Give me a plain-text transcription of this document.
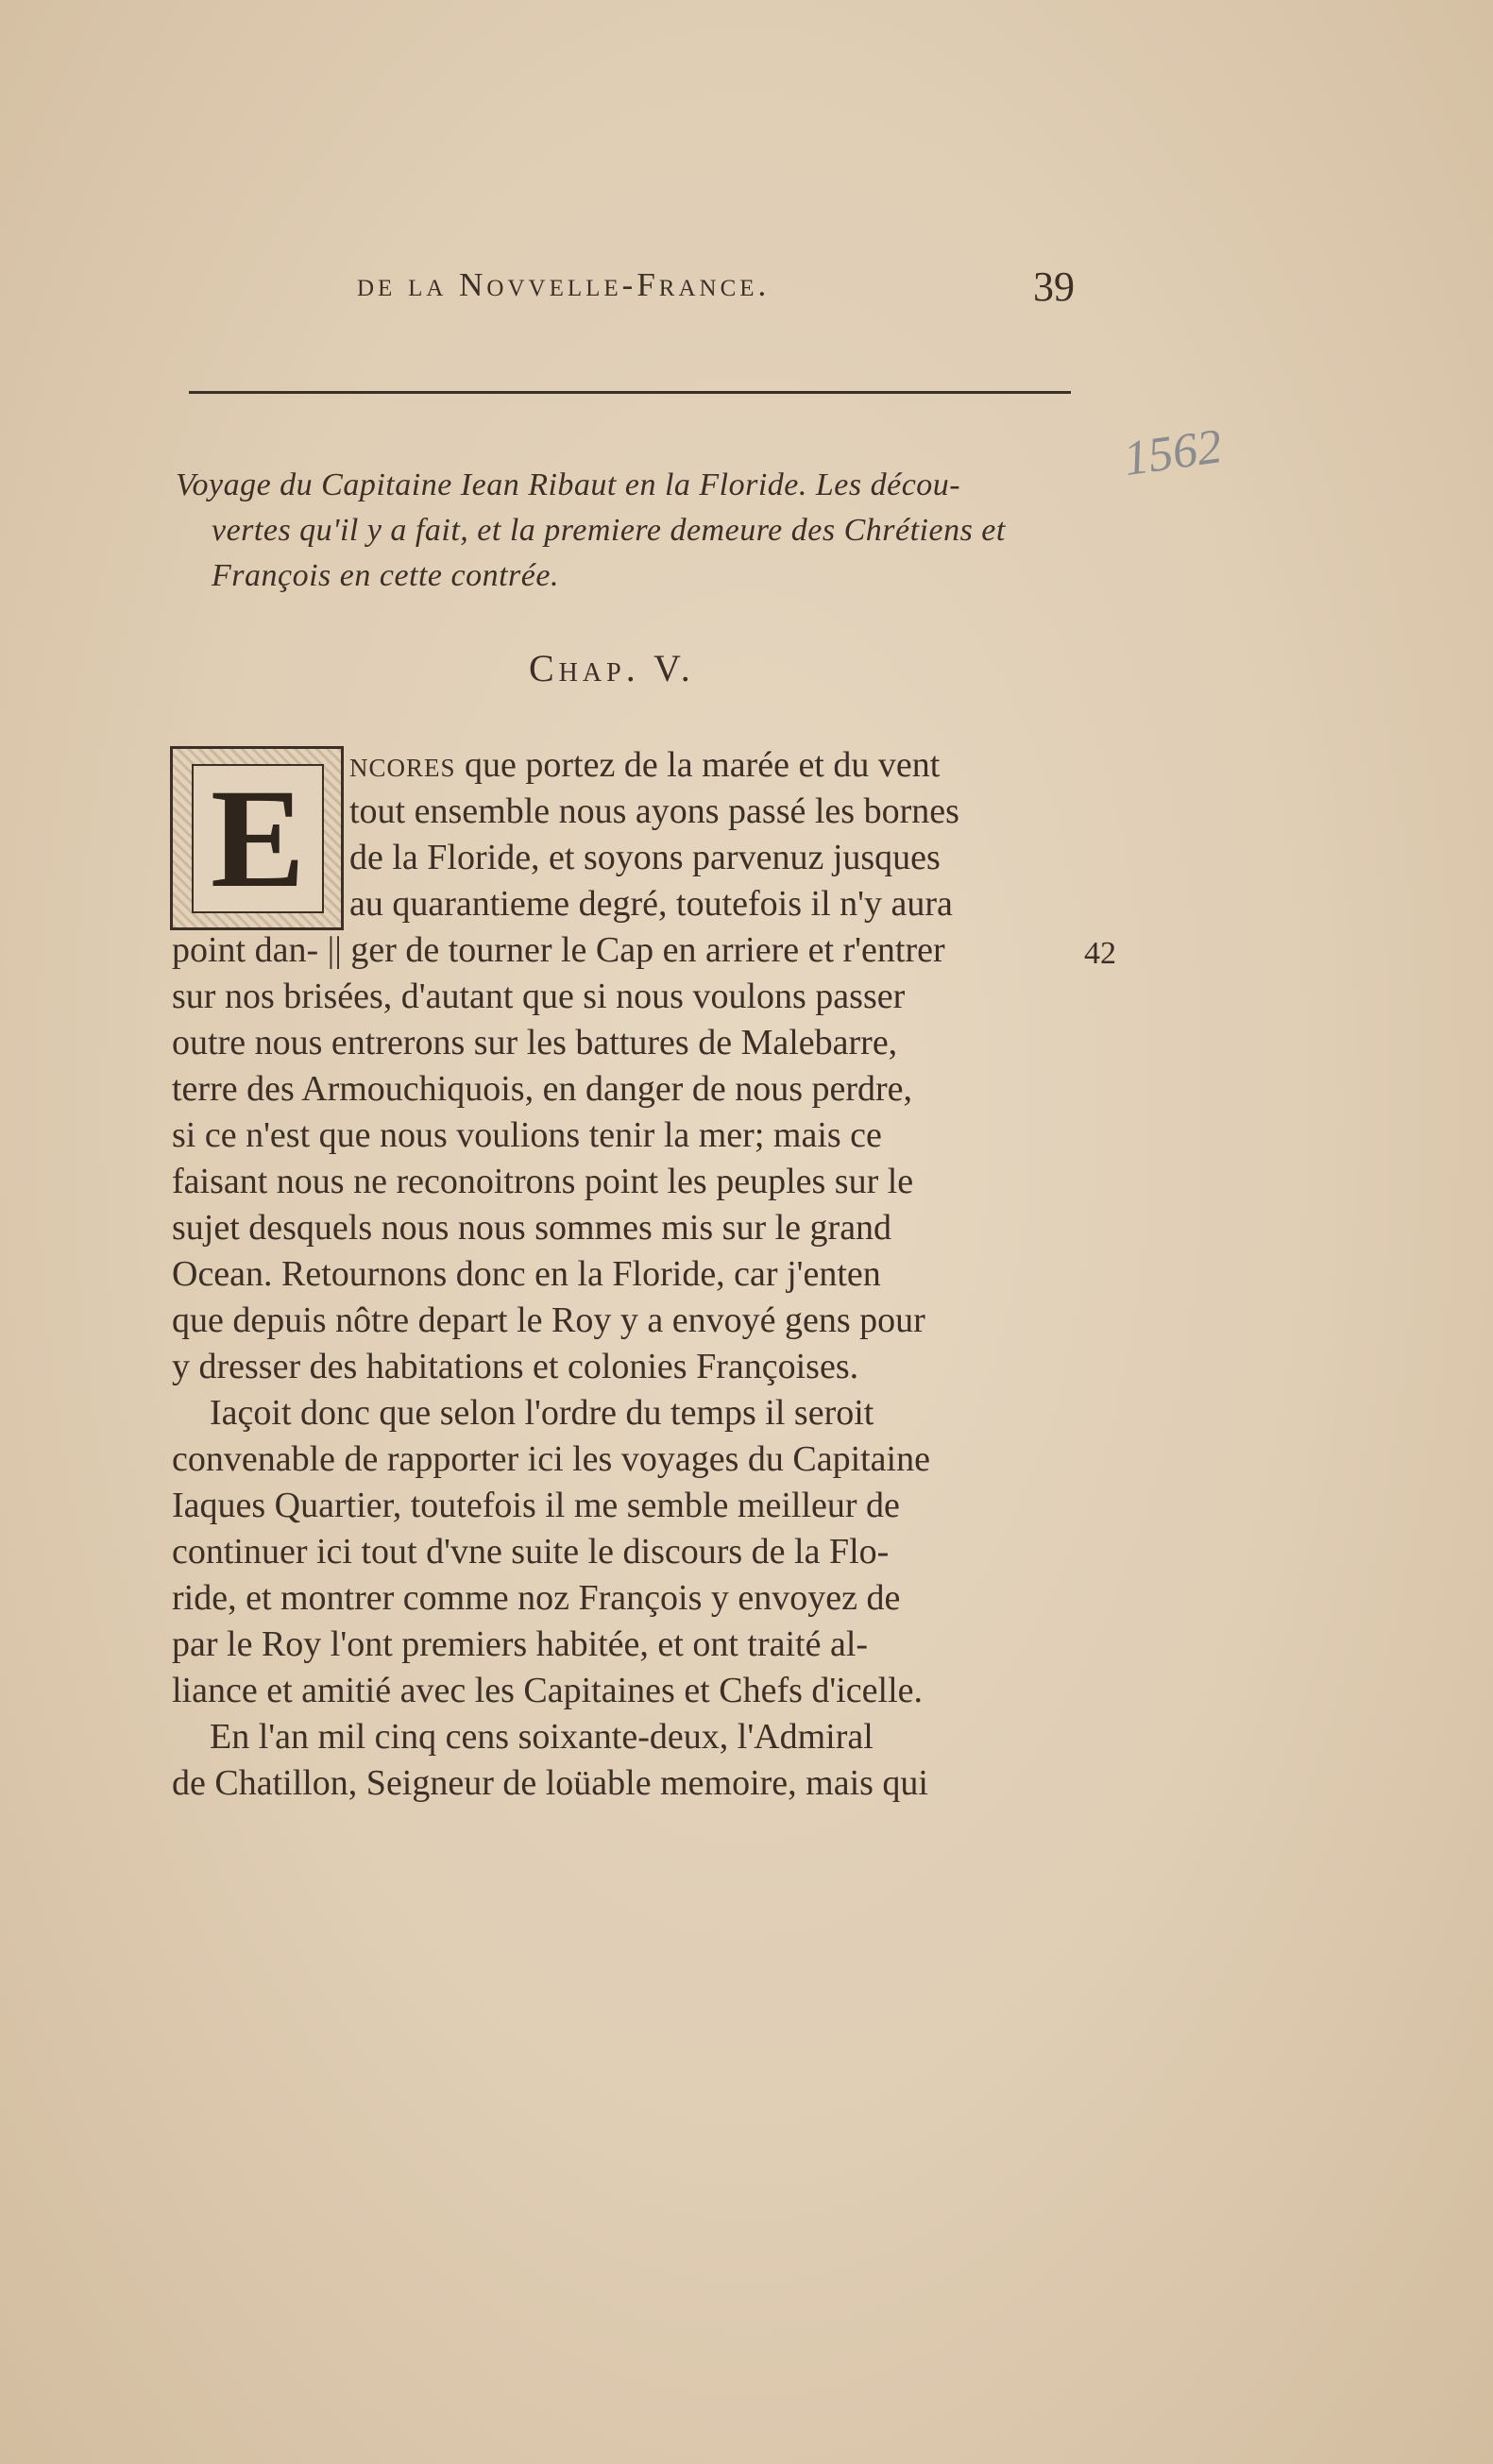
de la Novvelle-France.	39
1562
Voyage du Capitaine Iean Ribaut en la Floride. Les décou-
vertes qu'il y a fait, et la premiere demeure des Chrétiens et
François en cette contrée.
Chap. V.
E ncores que portez de la marée et du vent
tout ensemble nous ayons passé les bornes
de la Floride, et soyons parvenuz jusques
au quarantieme degré, toutefois il n'y aura
point dan- || ger de tourner le Cap en arriere et r'entrer
sur nos brisées, d'autant que si nous voulons passer
outre nous entrerons sur les battures de Malebarre,
terre des Armouchiquois, en danger de nous perdre,
si ce n'est que nous voulions tenir la mer; mais ce
faisant nous ne reconoitrons point les peuples sur le
sujet desquels nous nous sommes mis sur le grand
Ocean. Retournons donc en la Floride, car j'enten
que depuis nôtre depart le Roy y a envoyé gens pour
y dresser des habitations et colonies Françoises.
Iaçoit donc que selon l'ordre du temps il seroit
convenable de rapporter ici les voyages du Capitaine
Iaques Quartier, toutefois il me semble meilleur de
continuer ici tout d'vne suite le discours de la Flo-
ride, et montrer comme noz François y envoyez de
par le Roy l'ont premiers habitée, et ont traité al-
liance et amitié avec les Capitaines et Chefs d'icelle.
En l'an mil cinq cens soixante-deux, l'Admiral
de Chatillon, Seigneur de loüable memoire, mais qui
42
